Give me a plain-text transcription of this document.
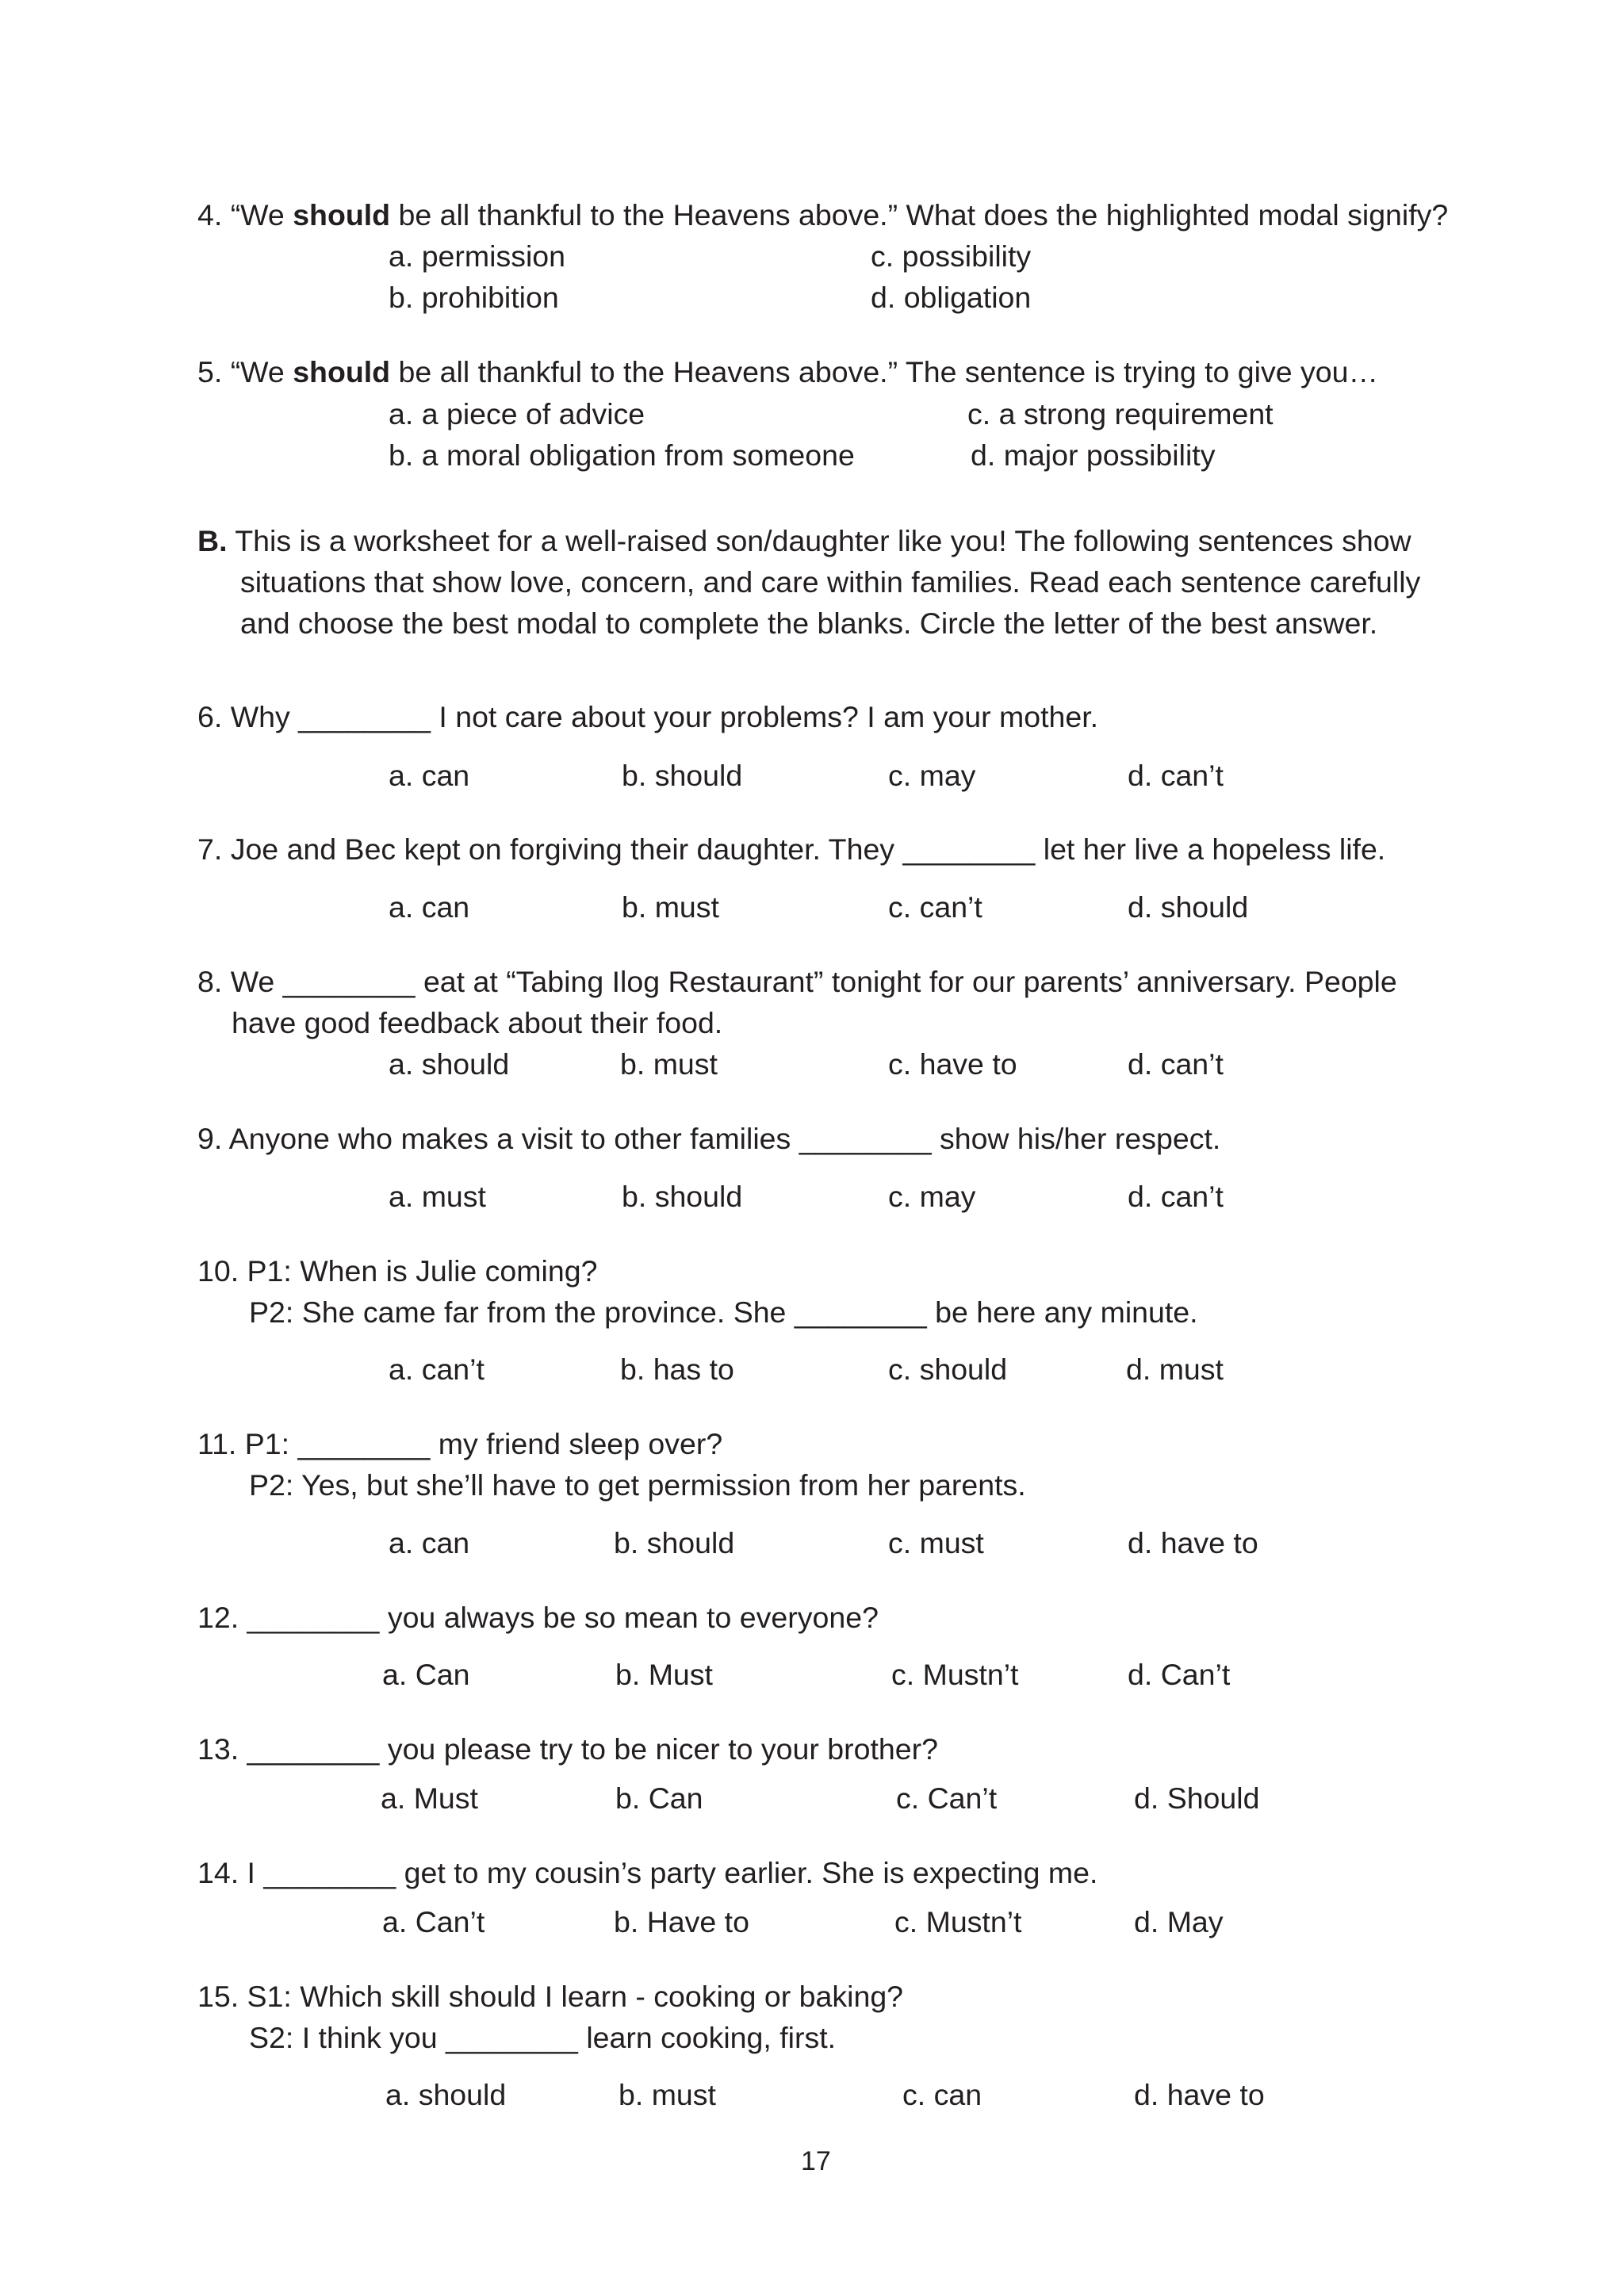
4. “We should be all thankful to the Heavens above.” What does the highlighted modal signify?
a. permission	c. possibility
b. prohibition	d. obligation
5. “We should be all thankful to the Heavens above.” The sentence is trying to give you…
a. a piece of advice	c. a strong requirement
b. a moral obligation from someone	d. major possibility
B. This is a worksheet for a well-raised son/daughter like you! The following sentences show
situations that show love, concern, and care within families. Read each sentence carefully
and choose the best modal to complete the blanks. Circle the letter of the best answer.
6. Why ________ I not care about your problems? I am your mother.
a. can	b. should	c. may	d. can’t
7. Joe and Bec kept on forgiving their daughter. They ________ let her live a hopeless life.
a. can	b. must	c. can’t	d. should
8. We ________ eat at “Tabing Ilog Restaurant” tonight for our parents’ anniversary. People
have good feedback about their food.
a. should	b. must	c. have to	d. can’t
9. Anyone who makes a visit to other families ________ show his/her respect.
a. must	b. should	c. may	d. can’t
10. P1: When is Julie coming?
P2: She came far from the province. She ________ be here any minute.
a. can’t	b. has to	c. should	d. must
11. P1: ________ my friend sleep over?
P2: Yes, but she’ll have to get permission from her parents.
a. can	b. should	c. must	d. have to
12. ________ you always be so mean to everyone?
a. Can	b. Must	c. Mustn’t	d. Can’t
13. ________ you please try to be nicer to your brother?
a. Must	b. Can	c. Can’t	d. Should
14. I ________ get to my cousin’s party earlier. She is expecting me.
a. Can’t	b. Have to	c. Mustn’t	d. May
15. S1: Which skill should I learn - cooking or baking?
S2: I think you ________ learn cooking, first.
a. should	b. must	c. can	d. have to
17
